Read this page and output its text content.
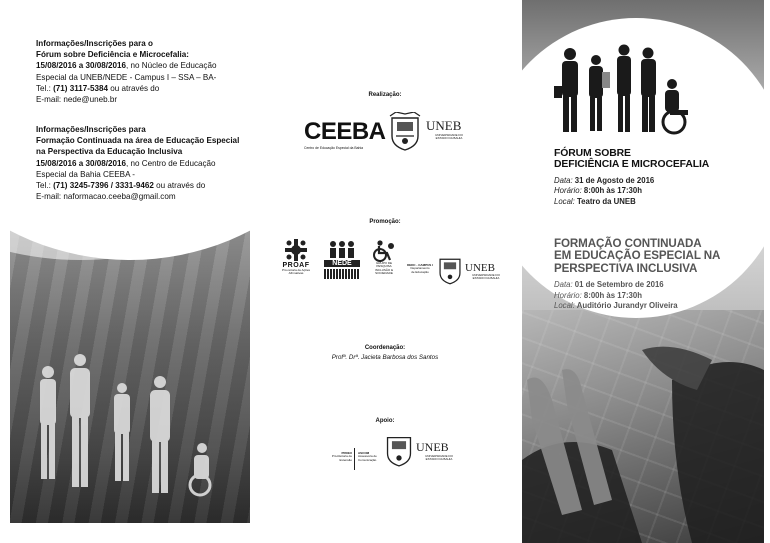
Informações/Inscrições para o
Fórum sobre Deficiência e Microcefalia:
15/08/2016 a 30/08/2016, no Núcleo de Educação
Especial da UNEB/NEDE - Campus I – SSA – BA-
Tel.: (71) 3117-5384 ou através do
E-mail: nede@uneb.br
Informações/Inscrições para
Formação Continuada na área de Educação Especial
na Perspectiva da Educação Inclusiva
15/08/2016 a 30/08/2016, no Centro de Educação
Especial da Bahia CEEBA -
Tel.: (71) 3245-7396 / 3331-9462 ou através do
E-mail: naformacao.ceeba@gmail.com
Realização:
CEEBA
Centro de Educação Especial da Bahia
UNEB
UNIVERSIDADE DO
ESTADO DA BAHIA
Promoção:
PROAF
Pró-reitoria de Ações Afirmativas
NEDE	GRUPO DE
PESQUISA
INCLUSÃO E
SOCIEDADE
DEDC - CAMPUS I
Departamento
de Educação	UNEB
UNIVERSIDADE DO
ESTADO DA BAHIA
Coordenação:
Profª. Drª. Jacieta Barbosa dos Santos
Apoio:
PROEX
Pró-Reitoria de
Extensão
ASCOM
Assessoria de
Comunicação
UNEB
UNIVERSIDADE DO
ESTADO DA BAHIA
FÓRUM SOBRE
DEFICIÊNCIA E MICROCEFALIA
Data: 31 de Agosto de 2016
Horário: 8:00h às 17:30h
Local: Teatro da UNEB
FORMAÇÃO CONTINUADA
EM EDUCAÇÃO ESPECIAL NA
PERSPECTIVA INCLUSIVA
Data: 01 de Setembro de 2016
Horário: 8:00h às 17:30h
Local: Auditório Jurandyr Oliveira
